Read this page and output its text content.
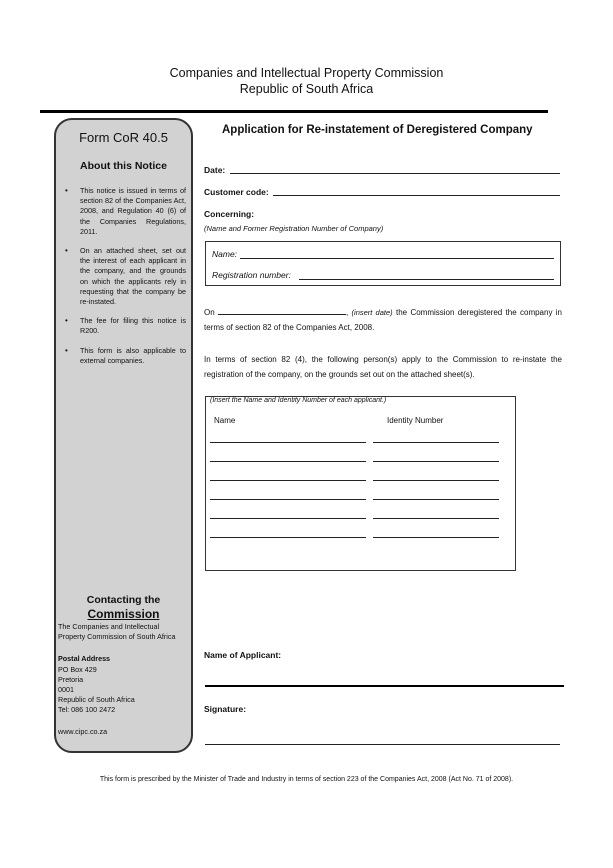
Companies and Intellectual Property Commission
Republic of South Africa
Form CoR 40.5
About this Notice
• This notice is issued in terms of section 82 of the Companies Act, 2008, and Regulation 40 (6) of the Companies Regulations, 2011.
• On an attached sheet, set out the interest of each applicant in the company, and the grounds on which the applicants rely in requesting that the company be re-instated.
• The fee for filing this notice is R200.
• This form is also applicable to external companies.
Contacting the
Commission
The Companies and Intellectual
Property Commission of South Africa
Postal Address
PO Box 429
Pretoria
0001
Republic of South Africa
Tel: 086 100 2472
www.cipc.co.za
Application for Re-instatement of Deregistered Company
Date:
Customer code:
Concerning:
(Name and Former Registration Number of Company)
Name:
Registration number:
On	, (insert date) the Commission deregistered the company in terms of section 82 of the Companies Act, 2008.
In terms of section 82 (4), the following person(s) apply to the Commission to re-instate the registration of the company, on the grounds set out on the attached sheet(s).
(Insert the Name and Identity Number of each applicant.)
Name	Identity Number
Name of Applicant:
Signature:
This form is prescribed by the Minister of Trade and Industry in terms of section 223 of the Companies Act, 2008 (Act No. 71 of 2008).
